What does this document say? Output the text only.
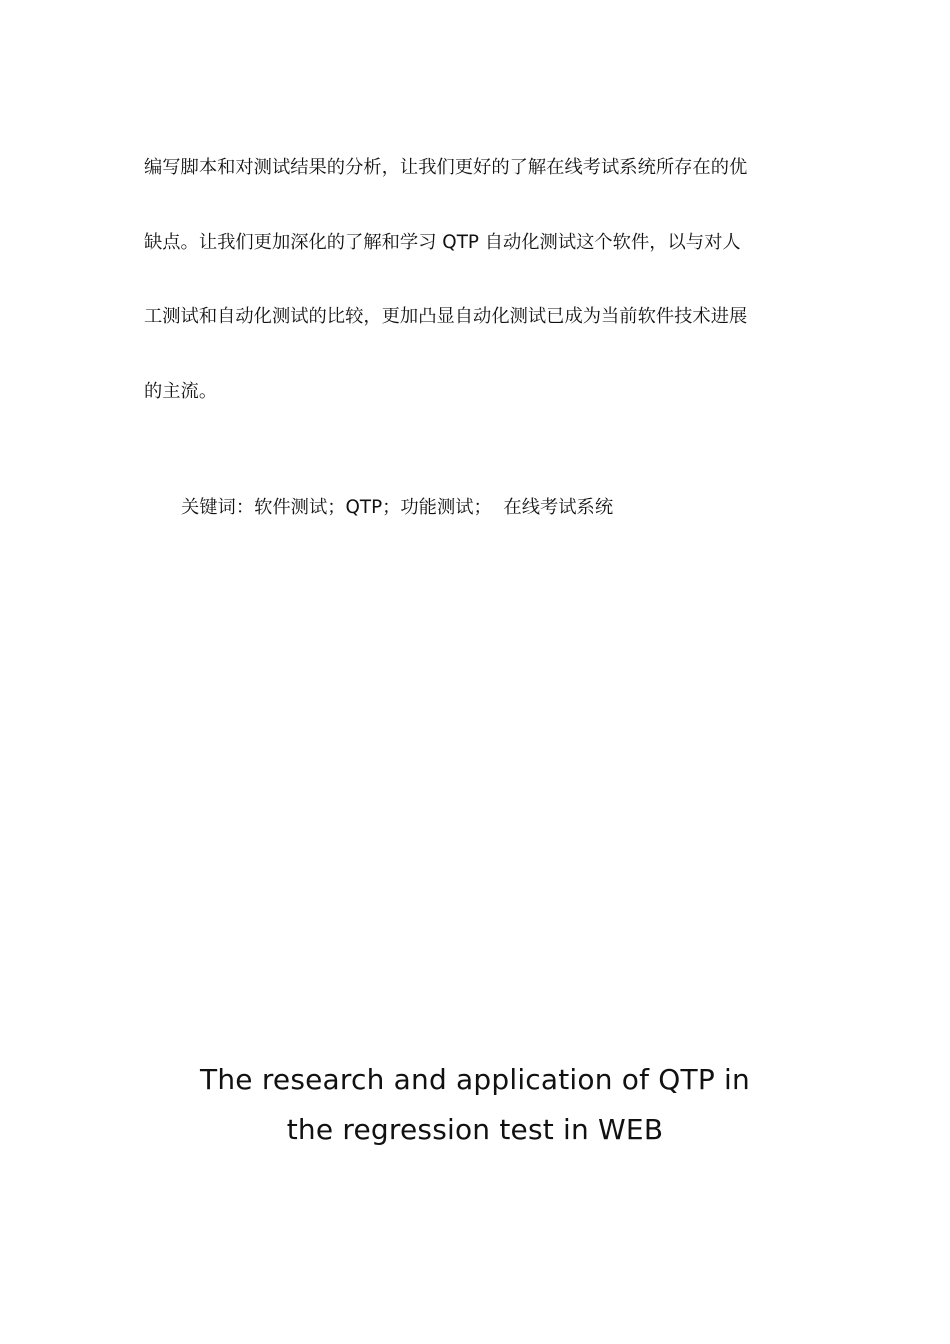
编写脚本和对测试结果的分析，让我们更好的了解在线考试系统所存在的优
缺点。让我们更加深化的了解和学习 QTP 自动化测试这个软件，以与对人
工测试和自动化测试的比较，更加凸显自动化测试已成为当前软件技术进展
的主流。
关键词：软件测试；QTP；功能测试；  在线考试系统
The research and application of QTP in
the regression test in WEB
